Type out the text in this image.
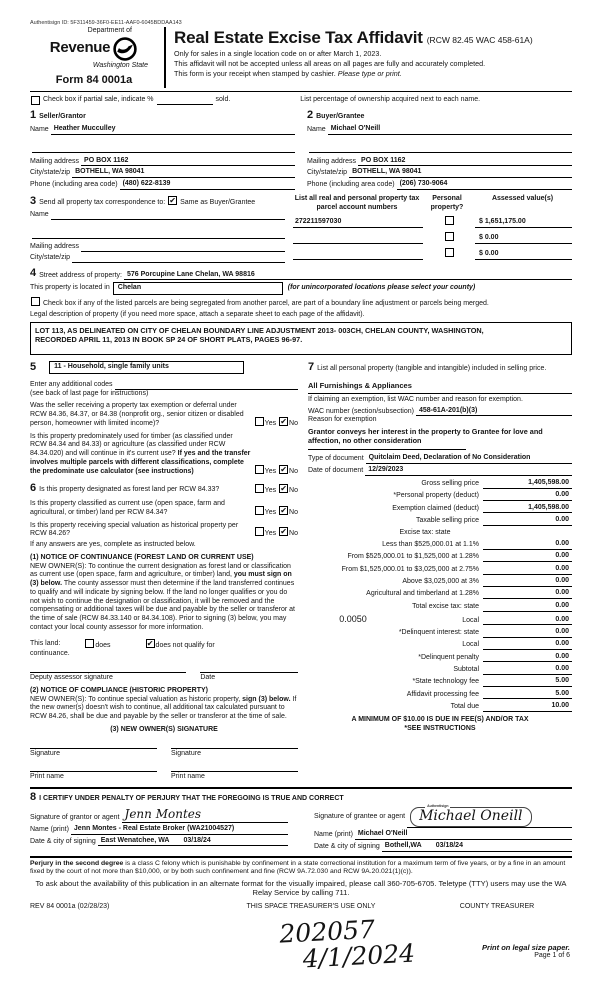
Authentisign ID: 5F311459-36F0-EE11-AAF0-6045BDDAA143
Department of
Revenue
Washington State
Form 84 0001a
Real Estate Excise Tax Affidavit (RCW 82.45 WAC 458-61A)
Only for sales in a single location code on or after March 1, 2023.
This affidavit will not be accepted unless all areas on all pages are fully and accurately completed.
This form is your receipt when stamped by cashier. Please type or print.
Check box if partial sale, indicate %	sold.	List percentage of ownership acquired next to each name.
1 Seller/Grantor
Name Heather Mucculley
Mailing address PO BOX 1162
City/state/zip BOTHELL, WA 98041
Phone (including area code) (480) 622-8139
2 Buyer/Grantee
Name Michael O'Neill
Mailing address PO BOX 1162
City/state/zip BOTHELL, WA 98041
Phone (including area code) (206) 730-9064
3 Send all property tax correspondence to: ✔ Same as Buyer/Grantee
Name
Mailing address
City/state/zip
List all real and personal property tax parcel account numbers
Personal property?
Assessed value(s)
272211597030	$ 1,651,175.00
$ 0.00
$ 0.00
4 Street address of property: 576 Porcupine Lane Chelan, WA 98816
This property is located in	Chelan	(for unincorporated locations please select your county)
Check box if any of the listed parcels are being segregated from another parcel, are part of a boundary line adjustment or parcels being merged.
Legal description of property (if you need more space, attach a separate sheet to each page of the affidavit).
LOT 113, AS DELINEATED ON CITY OF CHELAN BOUNDARY LINE ADJUSTMENT 2013- 003CH, CHELAN COUNTY, WASHINGTON,
RECORDED APRIL 11, 2013 IN BOOK SP 24 OF SHORT PLATS, PAGES 96-97.
5	11 - Household, single family units
Enter any additional codes
(see back of last page for instructions)
Was the seller receiving a property tax exemption or deferral under RCW 84.36, 84.37, or 84.38 (nonprofit org., senior citizen or disabled person, homeowner with limited income)?	Yes ✔ No
Is this property predominately used for timber (as classified under RCW 84.34 and 84.33) or agriculture (as classified under RCW 84.34.020) and will continue in it's current use? If yes and the transfer involves multiple parcels with different classifications, complete the predominate use calculator (see instructions)	Yes ✔ No
6 Is this property designated as forest land per RCW 84.33?	Yes ✔ No
Is this property classified as current use (open space, farm and agricultural, or timber) land per RCW 84.34?	Yes ✔ No
Is this property receiving special valuation as historical property per RCW 84.26?	Yes ✔ No
If any answers are yes, complete as instructed below.
(1) NOTICE OF CONTINUANCE (FOREST LAND OR CURRENT USE)
NEW OWNER(S): To continue the current designation as forest land or classification as current use (open space, farm and agriculture, or timber) land, you must sign on (3) below. The county assessor must then determine if the land transferred continues to qualify and will indicate by signing below. If the land no longer qualifies or you do not wish to continue the designation or classification, it will be removed and the compensating or additional taxes will be due and payable by the seller or transferor at the time of sale (RCW 84.33.140 or 84.34.108). Prior to signing (3) below, you may contact your local county assessor for more information.
This land:	does	✔ does not qualify for
continuance.
Deputy assessor signature	Date
(2) NOTICE OF COMPLIANCE (HISTORIC PROPERTY)
NEW OWNER(S): To continue special valuation as historic property, sign (3) below. If the new owner(s) doesn't wish to continue, all additional tax calculated pursuant to RCW 84.26, shall be due and payable by the seller or transferor at the time of sale.
(3) NEW OWNER(S) SIGNATURE
Signature	Signature
Print name	Print name
7 List all personal property (tangible and intangible) included in selling price.
All Furnishings & Appliances
If claiming an exemption, list WAC number and reason for exemption.
WAC number (section/subsection) 458-61A-201(b)(3)
Reason for exemption
Grantor conveys her interest in the property to Grantee for love and affection, no other consideration
Type of document Quitclaim Deed, Declaration of No Consideration
Date of document 12/29/2023
Gross selling price	1,405,598.00
*Personal property (deduct)	0.00
Exemption claimed (deduct)	1,405,598.00
Taxable selling price	0.00
Excise tax: state
Less than $525,000.01 at 1.1%	0.00
From $525,000.01 to $1,525,000 at 1.28%	0.00
From $1,525,000.01 to $3,025,000 at 2.75%	0.00
Above $3,025,000 at 3%	0.00
Agricultural and timberland at 1.28%	0.00
Total excise tax: state	0.00
0.0050	Local	0.00
*Delinquent interest: state	0.00
Local	0.00
*Delinquent penalty	0.00
Subtotal	0.00
*State technology fee	5.00
Affidavit processing fee	5.00
Total due	10.00
A MINIMUM OF $10.00 IS DUE IN FEE(S) AND/OR TAX
*SEE INSTRUCTIONS
8 I CERTIFY UNDER PENALTY OF PERJURY THAT THE FOREGOING IS TRUE AND CORRECT
Signature of grantor or agent Jenn Montes
Name (print) Jenn Montes - Real Estate Broker (WA21004527)
Date & city of signing East Wenatchee, WA 03/18/24
Signature of grantee or agent
Authentisign
Michael Oneill
Name (print) Michael O'Neill
Date & city of signing Bothell,WA 03/18/24
Perjury in the second degree is a class C felony which is punishable by confinement in a state correctional institution for a maximum term of five years, or by a fine in an amount fixed by the court of not more than $10,000, or by both such confinement and fine (RCW 9A.72.030 and RCW 9A.20.021(1)(c)).
To ask about the availability of this publication in an alternate format for the visually impaired, please call 360-705-6705. Teletype (TTY) users may use the WA Relay Service by calling 711.
REV 84 0001a (02/28/23)	THIS SPACE TREASURER'S USE ONLY	COUNTY TREASURER
202057
4/1/2024	Print on legal size paper.
Page 1 of 6
